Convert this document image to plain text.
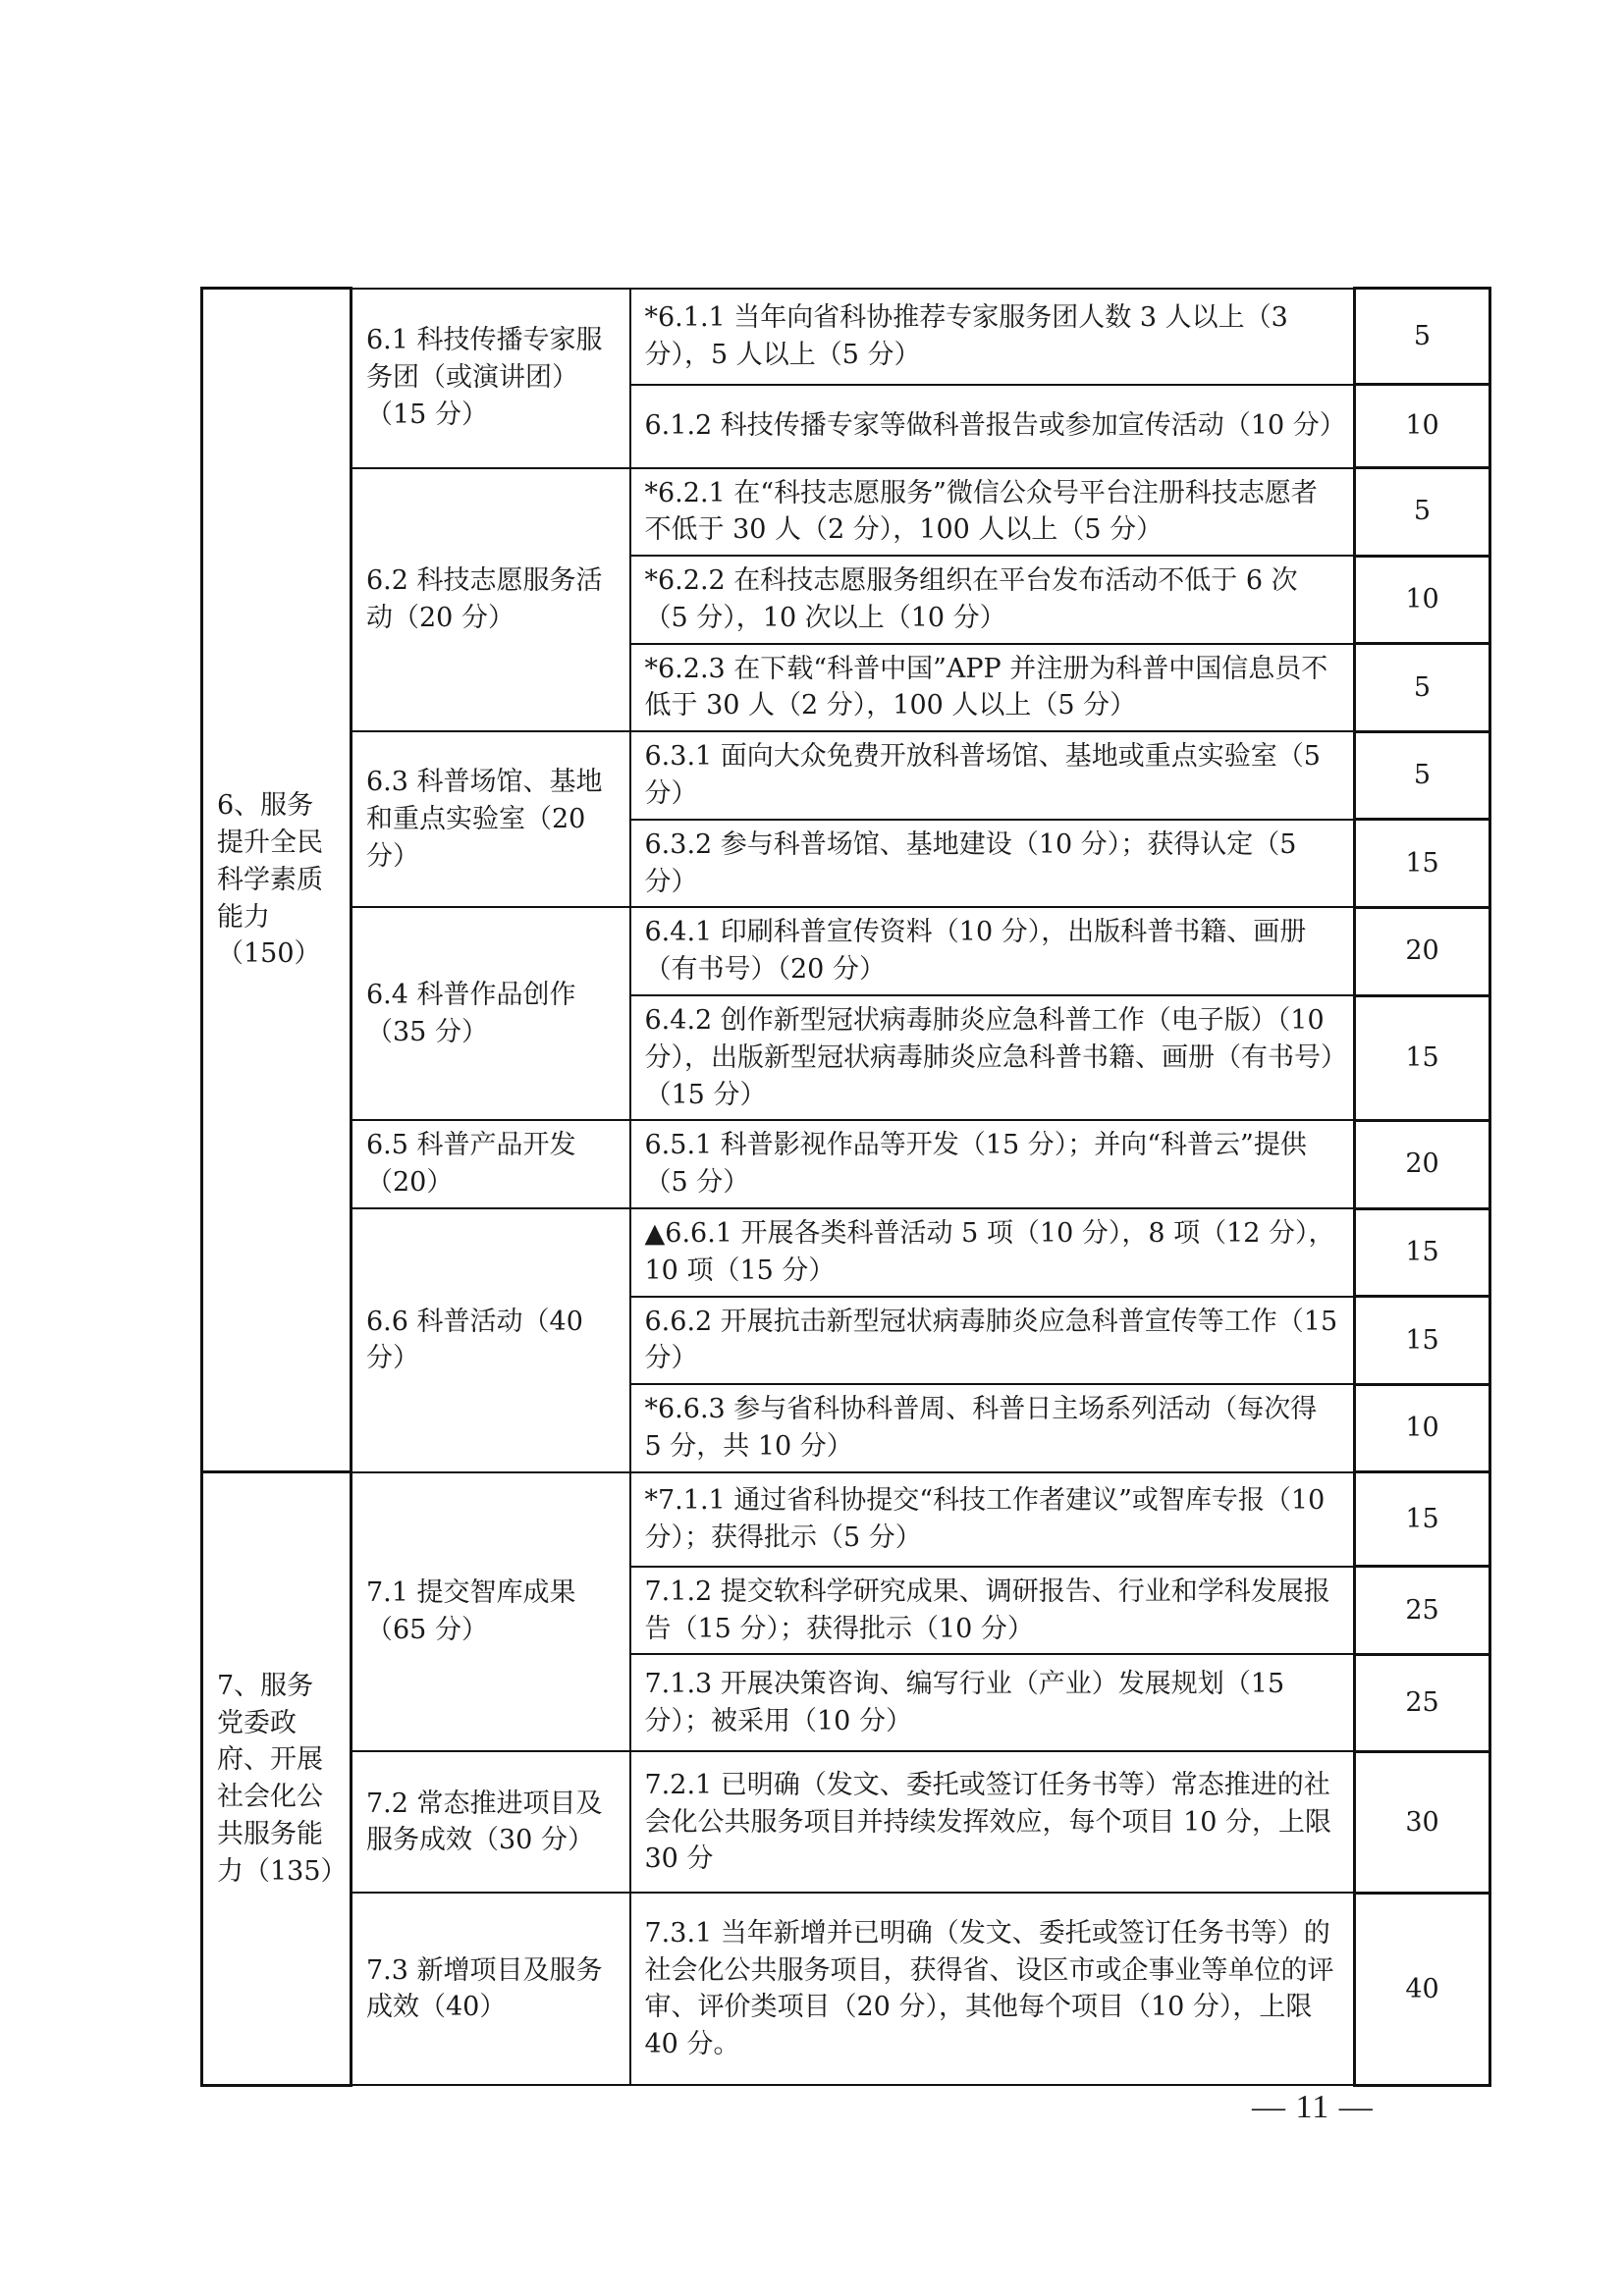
6、服务提升全民科学素质能力（150）	6.1 科技传播专家服务团（或演讲团）（15 分）	*6.1.1 当年向省科协推荐专家服务团人数 3 人以上（3 分），5 人以上（5 分）	5
		6.1.2 科技传播专家等做科普报告或参加宣传活动（10 分）	10
	6.2 科技志愿服务活动（20 分）	*6.2.1 在“科技志愿服务”微信公众号平台注册科技志愿者不低于 30 人（2 分），100 人以上（5 分）	5
		*6.2.2 在科技志愿服务组织在平台发布活动不低于 6 次（5 分），10 次以上（10 分）	10
		*6.2.3 在下载“科普中国”APP 并注册为科普中国信息员不低于 30 人（2 分），100 人以上（5 分）	5
	6.3 科普场馆、基地和重点实验室（20 分）	6.3.1 面向大众免费开放科普场馆、基地或重点实验室（5 分）	5
		6.3.2 参与科普场馆、基地建设（10 分）；获得认定（5 分）	15
	6.4 科普作品创作（35 分）	6.4.1 印刷科普宣传资料（10 分），出版科普书籍、画册（有书号）（20 分）	20
		6.4.2 创作新型冠状病毒肺炎应急科普工作（电子版）（10 分），出版新型冠状病毒肺炎应急科普书籍、画册（有书号）（15 分）	15
	6.5 科普产品开发（20）	6.5.1 科普影视作品等开发（15 分）；并向“科普云”提供（5 分）	20
	6.6 科普活动（40 分）	▲6.6.1 开展各类科普活动 5 项（10 分），8 项（12 分），10 项（15 分）	15
		6.6.2 开展抗击新型冠状病毒肺炎应急科普宣传等工作（15 分）	15
		*6.6.3 参与省科协科普周、科普日主场系列活动（每次得 5 分，共 10 分）	10
7、服务党委政府、开展社会化公共服务能力（135）	7.1 提交智库成果（65 分）	*7.1.1 通过省科协提交“科技工作者建议”或智库专报（10 分）；获得批示（5 分）	15
		7.1.2 提交软科学研究成果、调研报告、行业和学科发展报告（15 分）；获得批示（10 分）	25
		7.1.3 开展决策咨询、编写行业（产业）发展规划（15 分）；被采用（10 分）	25
	7.2 常态推进项目及服务成效（30 分）	7.2.1 已明确（发文、委托或签订任务书等）常态推进的社会化公共服务项目并持续发挥效应，每个项目 10 分，上限 30 分	30
	7.3 新增项目及服务成效（40）	7.3.1 当年新增并已明确（发文、委托或签订任务书等）的社会化公共服务项目，获得省、设区市或企事业等单位的评审、评价类项目（20 分），其他每个项目（10 分），上限 40 分。	40
— 11 —
